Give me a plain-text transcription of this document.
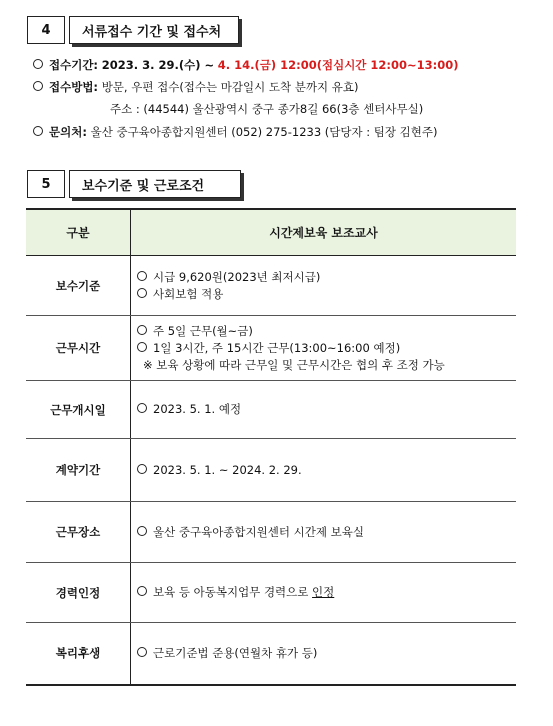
4	서류접수 기간 및 접수처
접수기간: 2023. 3. 29.(수) ~ 4. 14.(금) 12:00(점심시간 12:00~13:00)
접수방법: 방문, 우편 접수(접수는 마감일시 도착 분까지 유효)
주소 : (44544) 울산광역시 중구 종가8길 66(3층 센터사무실)
문의처: 울산 중구육아종합지원센터 (052) 275-1233 (담당자 : 팀장 김현주)
5	보수기준 및 근로조건
구분	시간제보육 보조교사
보수기준	시급 9,620원(2023년 최저시급)
사회보험 적용

근무시간	주 5일 근무(월~금)
1일 3시간, 주 15시간 근무(13:00~16:00 예정)
※ 보육 상황에 따라 근무일 및 근무시간은 협의 후 조정 가능

근무개시일	2023. 5. 1. 예정

계약기간	2023. 5. 1. ~ 2024. 2. 29.

근무장소	울산 중구육아종합지원센터 시간제 보육실

경력인정	보육 등 아동복지업무 경력으로 인정

복리후생	근로기준법 준용(연월차 휴가 등)
